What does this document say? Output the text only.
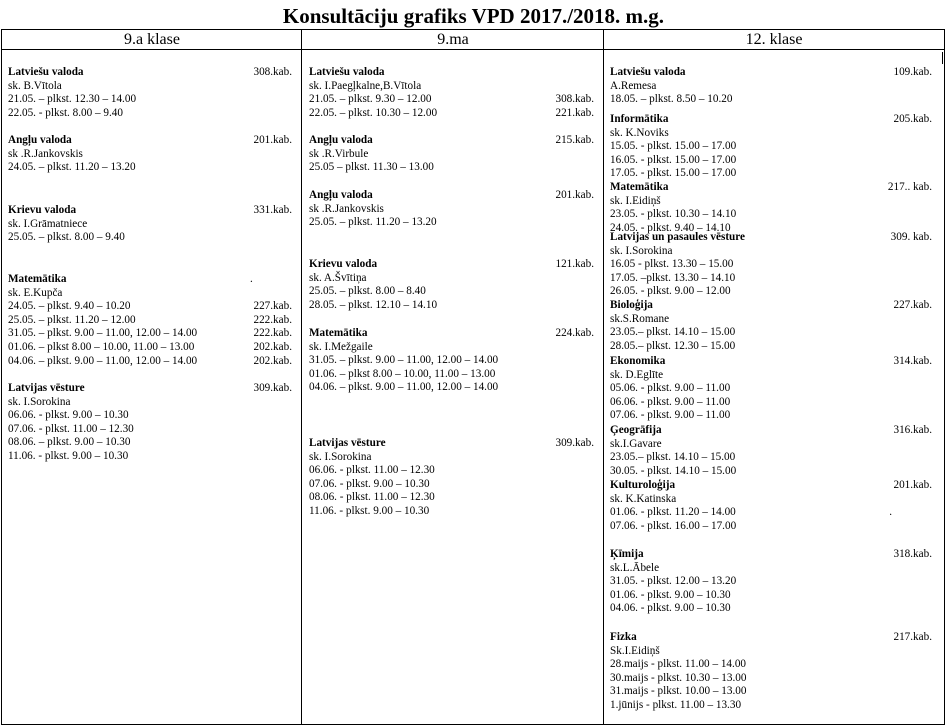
Konsultāciju grafiks VPD 2017./2018. m.g.
9.a klase	9.ma	12. klase
Latviešu valoda	308.kab.
sk. B.Vītola
21.05. – plkst. 12.30 – 14.00
22.05. - plkst. 8.00 – 9.40
Angļu valoda	201.kab.
sk .R.Jankovskis
24.05. – plkst. 11.20 – 13.20
Krievu valoda	331.kab.
sk. I.Grāmatniece
25.05. – plkst. 8.00 – 9.40
Matemātika	.
sk. E.Kupča
24.05. – plkst. 9.40 – 10.20	227.kab.
25.05. – plkst. 11.20 – 12.00	222.kab.
31.05. – plkst. 9.00 – 11.00, 12.00 – 14.00	222.kab.
01.06. – plkst 8.00 – 10.00, 11.00 – 13.00	202.kab.
04.06. – plkst. 9.00 – 11.00, 12.00 – 14.00	202.kab.
Latvijas vēsture	309.kab.
sk. I.Sorokina
06.06. - plkst. 9.00 – 10.30
07.06. - plkst. 11.00 – 12.30
08.06. – plkst. 9.00 – 10.30
11.06. - plkst. 9.00 – 10.30
Latviešu valoda
sk. I.Paegļkalne,B.Vītola
21.05. – plkst. 9.30 – 12.00	308.kab.
22.05. – plkst. 10.30 – 12.00	221.kab.
Angļu valoda	215.kab.
sk .R.Virbule
25.05 – plkst. 11.30 – 13.00
Angļu valoda	201.kab.
sk .R.Jankovskis
25.05. – plkst. 11.20 – 13.20
Krievu valoda	121.kab.
sk. A.Švītiņa
25.05. – plkst. 8.00 – 8.40
28.05. – plkst. 12.10 – 14.10
Matemātika	224.kab.
sk. I.Mežgaile
31.05. – plkst. 9.00 – 11.00, 12.00 – 14.00
01.06. – plkst 8.00 – 10.00, 11.00 – 13.00
04.06. – plkst. 9.00 – 11.00, 12.00 – 14.00
Latvijas vēsture	309.kab.
sk. I.Sorokina
06.06. - plkst. 11.00 – 12.30
07.06. - plkst. 9.00 – 10.30
08.06. - plkst. 11.00 – 12.30
11.06. - plkst. 9.00 – 10.30
Latviešu valoda	109.kab.
A.Remesa
18.05. – plkst. 8.50 – 10.20
Informātika	205.kab.
sk. K.Noviks
15.05. - plkst. 15.00 – 17.00
16.05. - plkst. 15.00 – 17.00
17.05. - plkst. 15.00 – 17.00
Matemātika	217.. kab.
sk. I.Eidiņš
23.05. - plkst. 10.30 – 14.10
24.05. - plkst. 9.40 – 14.10
Latvijas un pasaules vēsture	309. kab.
sk. I.Sorokina
16.05 - plkst. 13.30 – 15.00
17.05. –plkst. 13.30 – 14.10
26.05. - plkst. 9.00 – 12.00
Bioloģija	227.kab.
sk.S.Romane
23.05.– plkst. 14.10 – 15.00
28.05.– plkst. 12.30 – 15.00
Ekonomika	314.kab.
sk. D.Eglīte
05.06. - plkst. 9.00 – 11.00
06.06. - plkst. 9.00 – 11.00
07.06. - plkst. 9.00 – 11.00
Ģeogrāfija	316.kab.
sk.I.Gavare
23.05.– plkst. 14.10 – 15.00
30.05. - plkst. 14.10 – 15.00
Kulturoloģija	201.kab.
sk. K.Katinska
01.06. - plkst. 11.20 – 14.00	.
07.06. - plkst. 16.00 – 17.00
Ķīmija	318.kab.
sk.L.Ābele
31.05. - plkst. 12.00 – 13.20
01.06. - plkst. 9.00 – 10.30
04.06. - plkst. 9.00 – 10.30
Fizka	217.kab.
Sk.I.Eidiņš
28.maijs - plkst. 11.00 – 14.00
30.maijs - plkst. 10.30 – 13.00
31.maijs - plkst. 10.00 – 13.00
1.jūnijs - plkst. 11.00 – 13.30
